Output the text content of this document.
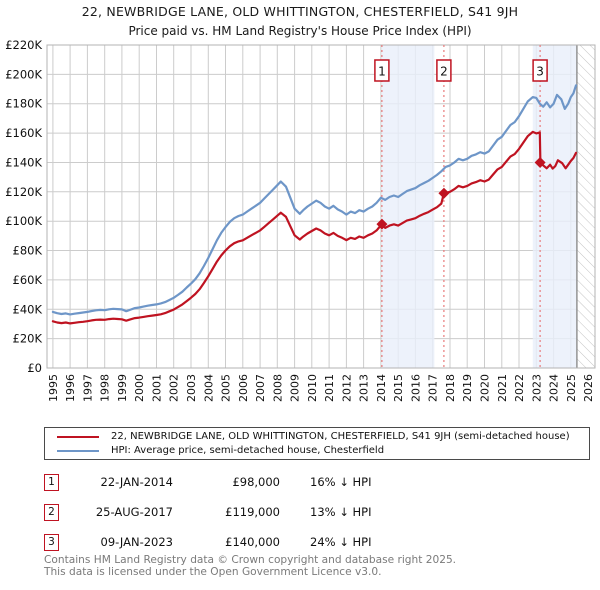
1	2	3
£0
£20K
£40K
£60K
£80K
£100K
£120K
£140K
£160K
£180K
£200K
£220K
1995 1996 1997 1998 1999 2000 2001 2002 2003 2004 2005 2006 2007 2008 2009 2010 2011 2012 2013 2014 2015 2016 2017 2018 2019 2020 2021 2022 2023 2024 2025 2026
22, NEWBRIDGE LANE, OLD WHITTINGTON, CHESTERFIELD, S41 9JH
Price paid vs. HM Land Registry's House Price Index (HPI)
22, NEWBRIDGE LANE, OLD WHITTINGTON, CHESTERFIELD, S41 9JH (semi-detached house)
HPI: Average price, semi-detached house, Chesterfield
1	22-JAN-2014	£98,000	16% ↓ HPI
2	25-AUG-2017	£119,000	13% ↓ HPI
3	09-JAN-2023	£140,000	24% ↓ HPI
Contains HM Land Registry data © Crown copyright and database right 2025.
This data is licensed under the Open Government Licence v3.0.
